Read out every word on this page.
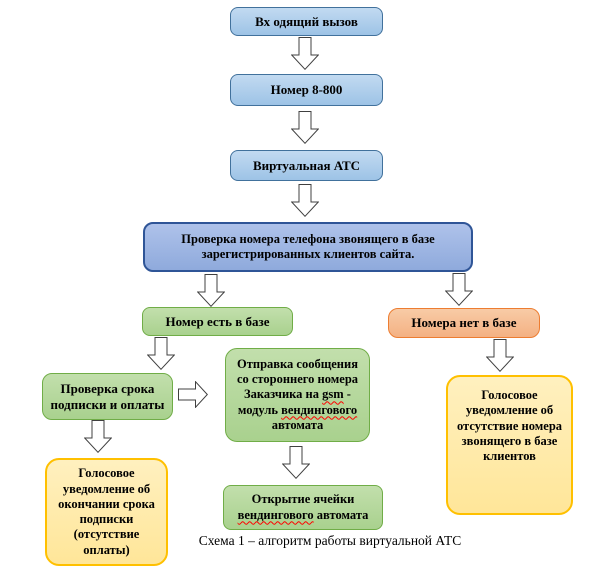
Вх одящий вызов
Номер 8-800
Виртуальная АТС
Проверка номера телефона звонящего в базе зарегистрированных клиентов сайта.
Номер есть в базе
Проверка срока подписки и оплаты
Отправка сообщения со стороннего номера Заказчика на gsm - модуль вендингового автомата
Голосовое уведомление об окончании срока подписки (отсутствие оплаты)
Открытие ячейки вендингового автомата
Номера нет в базе
Голосовое уведомление об отсутствие номера звонящего в базе клиентов
Схема 1 – алгоритм работы виртуальной АТС
